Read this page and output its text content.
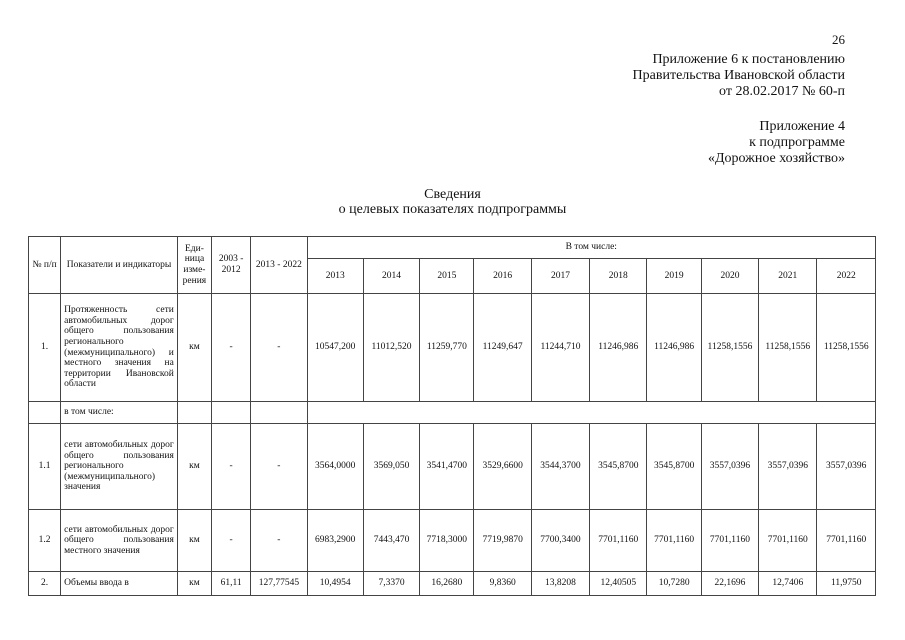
26
Приложение 6 к постановлению
Правительства Ивановской области
от 28.02.2017 № 60-п
Приложение 4
к подпрограмме
«Дорожное хозяйство»
Сведения
о целевых показателях подпрограммы
№ п/п	Показатели и индикаторы	Еди- ница изме- рения	2003 - 2012	2013 - 2022	В том числе:									
					2013	2014	2015	2016	2017	2018	2019	2020	2021	2022
1.	Протяженность сети автомобильных дорог общего пользования регионального (межмуниципального) и местного значения на территории Ивановской области	км	-	-	10547,200	11012,520	11259,770	11249,647	11244,710	11246,986	11246,986	11258,1556	11258,1556	11258,1556
	в том числе:													
1.1	сети автомобильных дорог общего пользования регионального (межмуниципального) значения	км	-	-	3564,0000	3569,050	3541,4700	3529,6600	3544,3700	3545,8700	3545,8700	3557,0396	3557,0396	3557,0396
1.2	сети автомобильных дорог общего пользования местного значения	км	-	-	6983,2900	7443,470	7718,3000	7719,9870	7700,3400	7701,1160	7701,1160	7701,1160	7701,1160	7701,1160
2.	Объемы ввода в	км	61,11	127,77545	10,4954	7,3370	16,2680	9,8360	13,8208	12,40505	10,7280	22,1696	12,7406	11,9750
